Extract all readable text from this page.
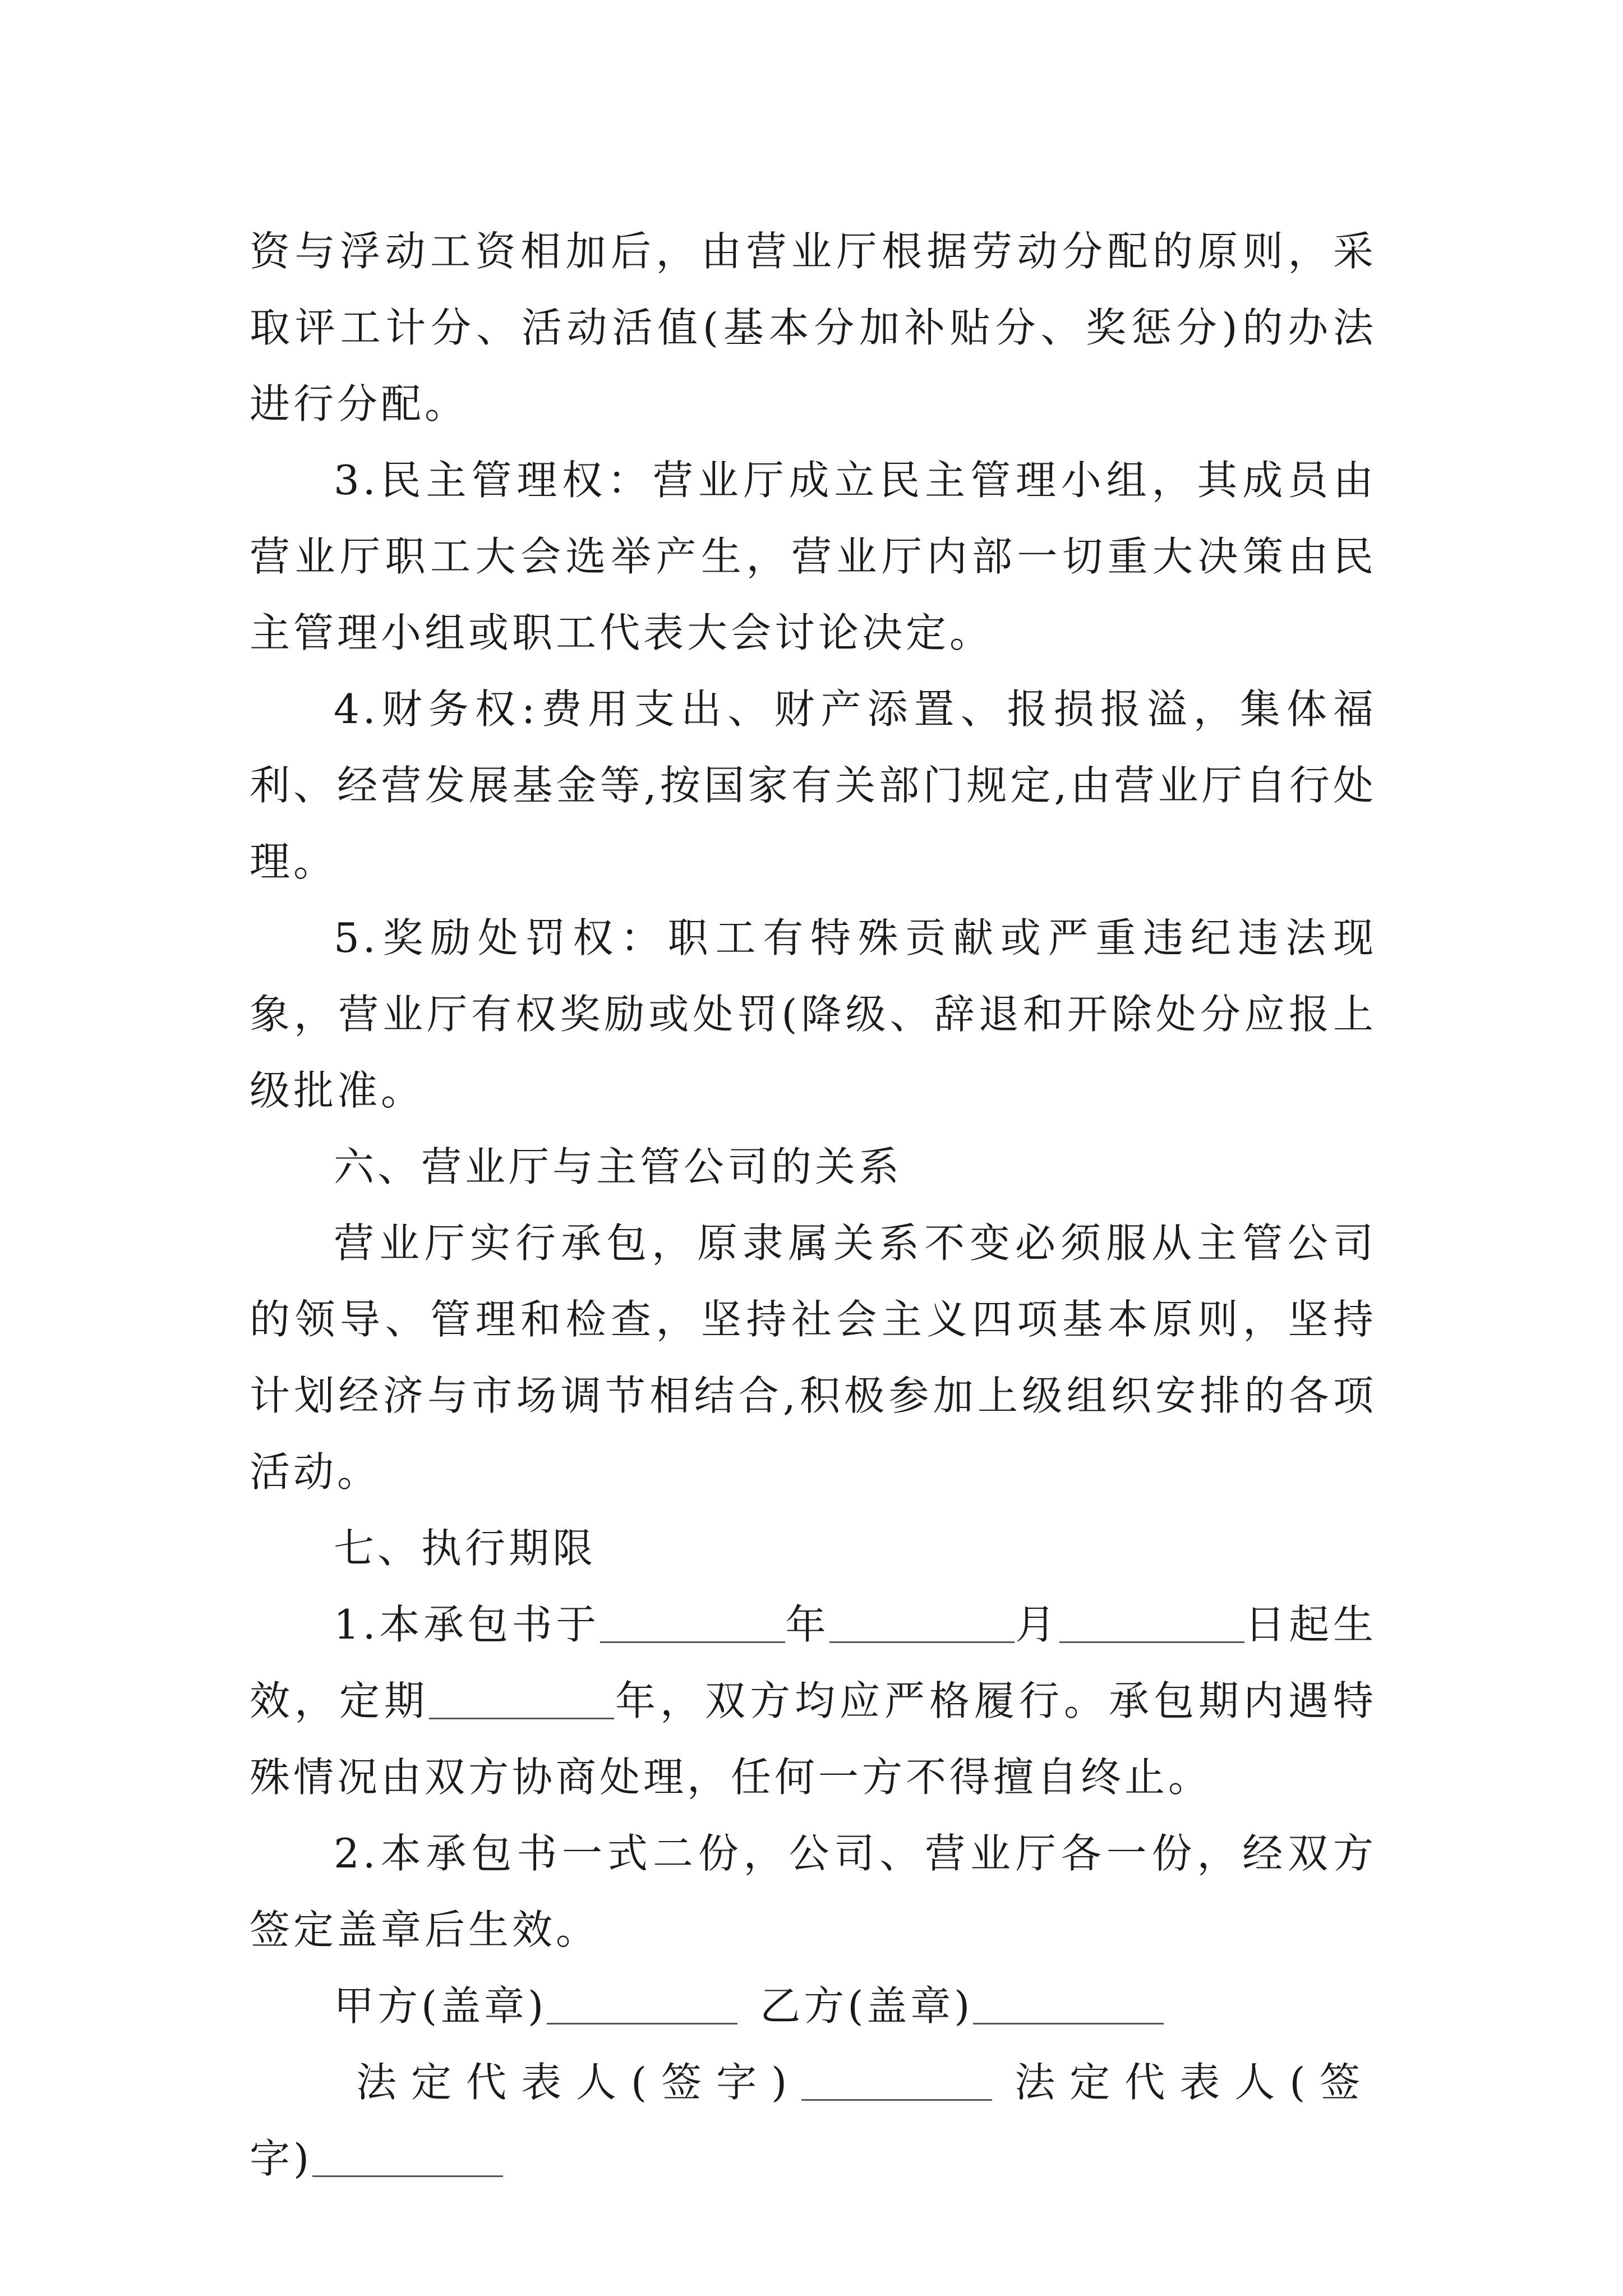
资与浮动工资相加后，由营业厅根据劳动分配的原则，采取评工计分、活动活值(基本分加补贴分、奖惩分)的办法进行分配。

3.民主管理权：营业厅成立民主管理小组，其成员由营业厅职工大会选举产生，营业厅内部一切重大决策由民主管理小组或职工代表大会讨论决定。

4.财务权:费用支出、财产添置、报损报溢，集体福利、经营发展基金等,按国家有关部门规定,由营业厅自行处理。

5.奖励处罚权：职工有特殊贡献或严重违纪违法现象，营业厅有权奖励或处罚(降级、辞退和开除处分应报上级批准。

六、营业厅与主管公司的关系

营业厅实行承包，原隶属关系不变必须服从主管公司的领导、管理和检查，坚持社会主义四项基本原则，坚持计划经济与市场调节相结合,积极参加上级组织安排的各项活动。

七、执行期限

1.本承包书于	年	月	日起生效，定期	年，双方均应严格履行。承包期内遇特殊情况由双方协商处理，任何一方不得擅自终止。

2.本承包书一式二份，公司、营业厅各一份，经双方签定盖章后生效。

甲方(盖章)	乙方(盖章)

法定代表人(签字)	法定代表人(签

字)
